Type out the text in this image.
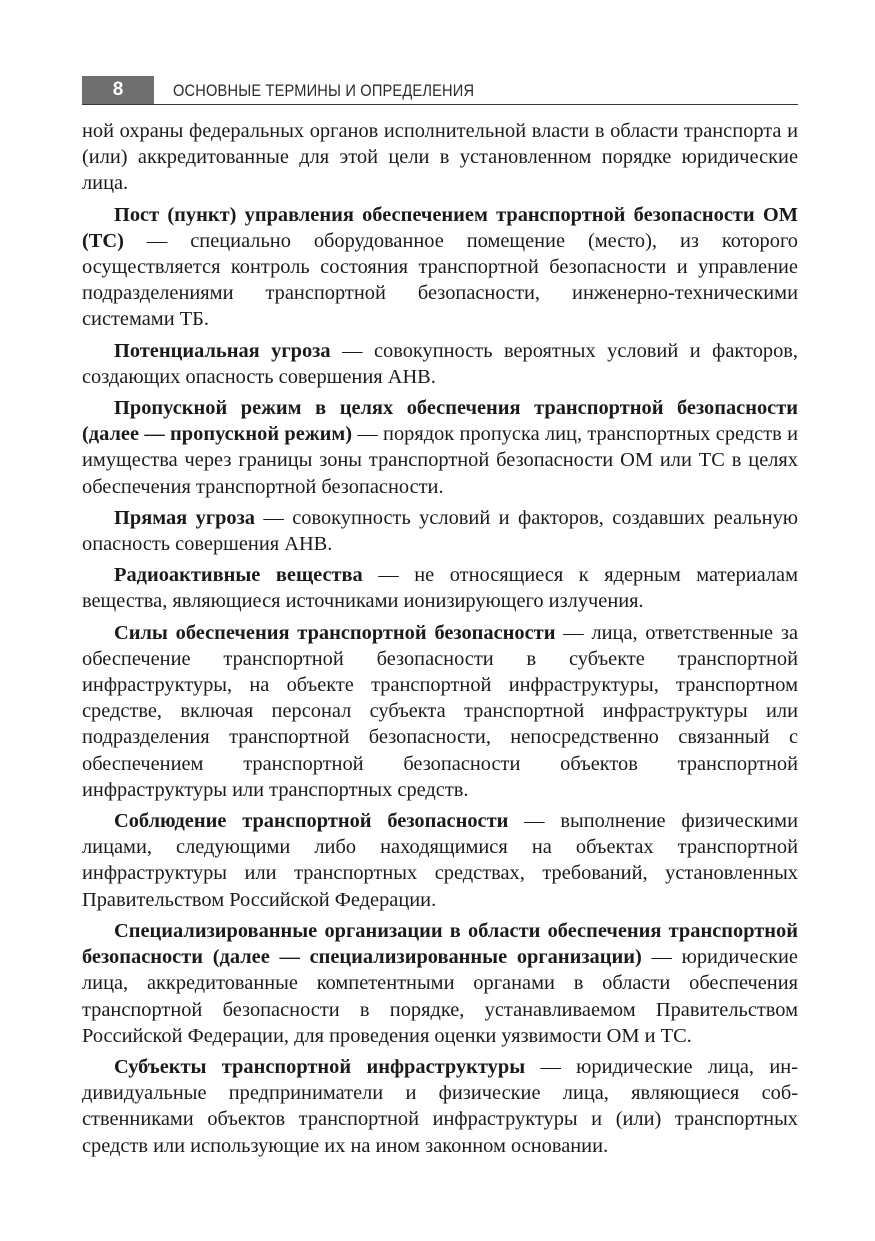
8	ОСНОВНЫЕ ТЕРМИНЫ И ОПРЕДЕЛЕНИЯ

ной охраны федеральных органов исполнительной власти в области транспорта и (или) аккредитованные для этой цели в установленном порядке юридические лица.

Пост (пункт) управления обеспечением транспортной безопасности ОМ (ТС) — специально оборудованное помещение (место), из которого осуществляется контроль состояния транспортной безопасности и управление подразделениями транспортной безопасности, инженерно-техническими системами ТБ.

Потенциальная угроза — совокупность вероятных условий и факторов, создающих опасность совершения АНВ.

Пропускной режим в целях обеспечения транспортной безопасности (далее — пропускной режим) — порядок пропуска лиц, транспортных средств и имущества через границы зоны транспортной безопасности ОМ или ТС в целях обеспечения транспортной безопасности.

Прямая угроза — совокупность условий и факторов, создавших реальную опасность совершения АНВ.

Радиоактивные вещества — не относящиеся к ядерным материалам вещества, являющиеся источниками ионизирующего излучения.

Силы обеспечения транспортной безопасности — лица, ответственные за обеспечение транспортной безопасности в субъекте транспортной инфраструктуры, на объекте транспортной инфраструктуры, транспортном средстве, включая персонал субъекта транспортной инфраструктуры или подразделения транспортной безопасности, непосредственно связанный с обеспечением транспортной безопасности объектов транспортной инфраструктуры или транспортных средств.

Соблюдение транспортной безопасности — выполнение физическими лицами, следующими либо находящимися на объектах транспортной инфраструктуры или транспортных средствах, требований, установленных Правительством Российской Федерации.

Специализированные организации в области обеспечения транспортной безопасности (далее — специализированные организации) — юридические лица, аккредитованные компетентными органами в области обеспечения транспортной безопасности в порядке, устанавливаемом Правительством Российской Федерации, для проведения оценки уязвимости ОМ и ТС.

Субъекты транспортной инфраструктуры — юридические лица, индивидуальные предприниматели и физические лица, являющиеся собственниками объектов транспортной инфраструктуры и (или) транспортных средств или использующие их на ином законном основании.
